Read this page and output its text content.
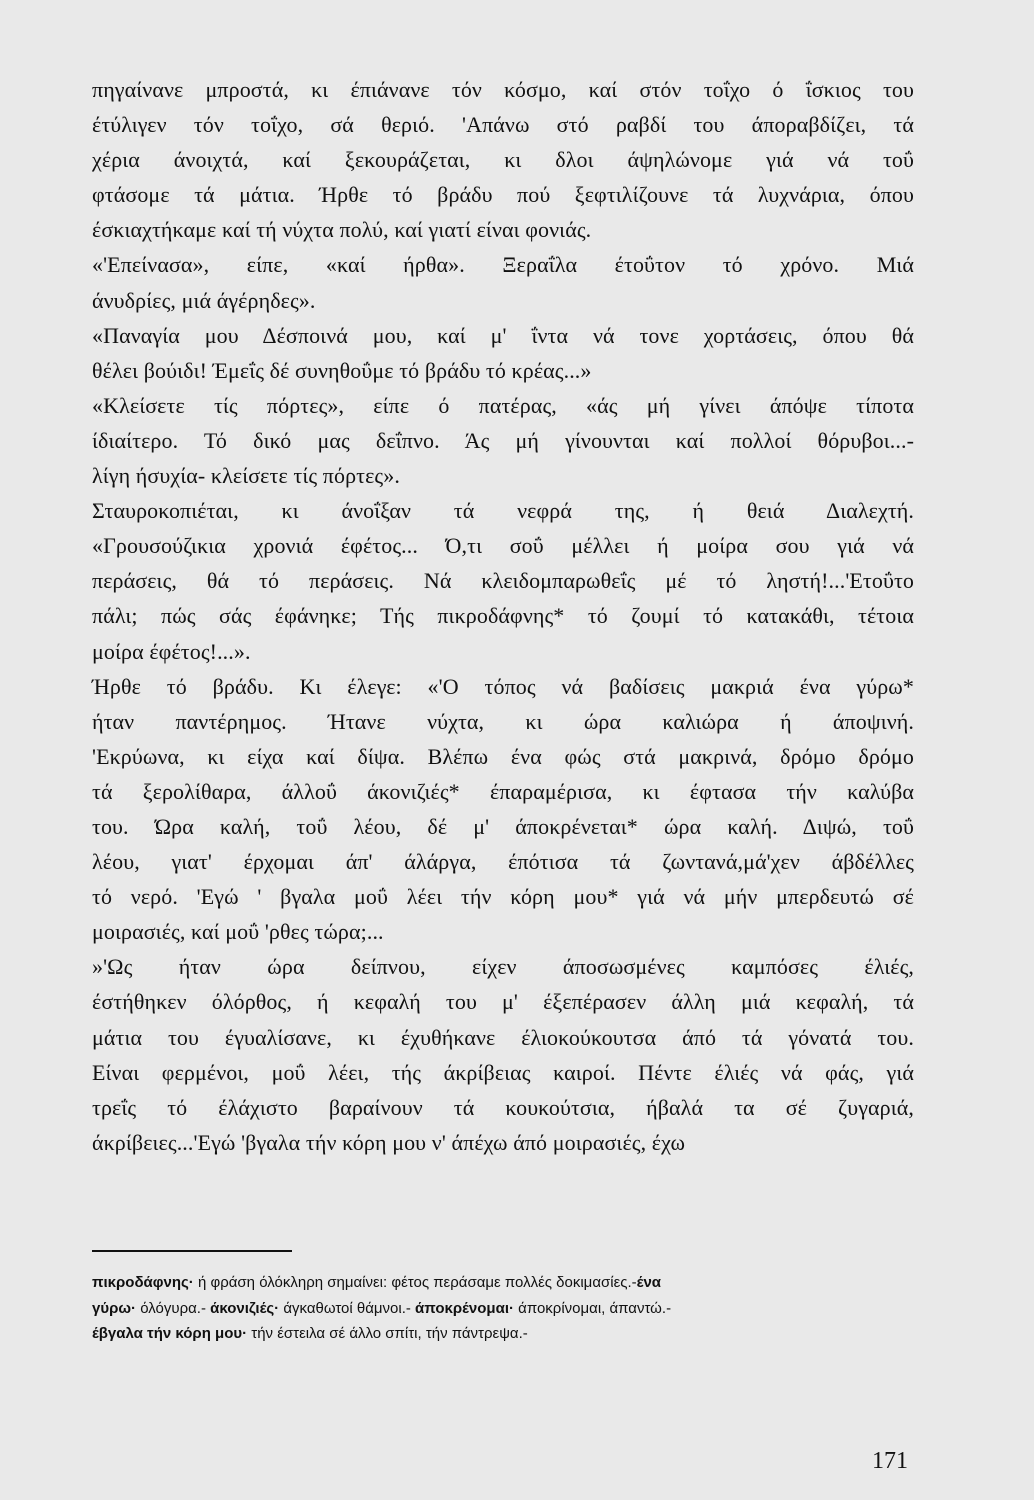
πηγαίνανε μπροστά, κι έπιάνανε τόν κόσμο, καί στόν τοΐχο ό ΐσκιος του
έτύλιγεν τόν τοΐχο, σά θεριό. 'Απάνω στό ραβδί του άποραβδίζει, τά
χέρια άνοιχτά, καί ξεκουράζεται, κι δλοι άψηλώνομε γιά νά τοΰ
φτάσομε τά μάτια. Ήρθε τό βράδυ πού ξεφτιλίζουνε τά λυχνάρια, όπου
έσκιαχτήκαμε καί τή νύχτα πολύ, καί γιατί είναι φονιάς.
«'Επείνασα», είπε, «καί ήρθα». Ξεραΐλα έτοΰτον τό χρόνο. Μιά
άνυδρίες, μιά άγέρηδες».
«Παναγία μου Δέσποινά μου, καί μ' ΐντα νά τονε χορτάσεις, όπου θά
θέλει βούιδι! Έμεΐς δέ συνηθοΰμε τό βράδυ τό κρέας...»
«Κλείσετε τίς πόρτες», είπε ό πατέρας, «άς μή γίνει άπόψε τίποτα
ίδιαίτερο. Τό δικό μας δεΐπνο. Άς μή γίνουνται καί πολλοί θόρυβοι...-
λίγη ήσυχία- κλείσετε τίς πόρτες».
Σταυροκοπιέται, κι άνοΐξαν τά νεφρά της, ή θειά Διαλεχτή.
«Γρουσούζικια χρονιά έφέτος... Ό,τι σοΰ μέλλει ή μοίρα σου γιά νά
περάσεις, θά τό περάσεις. Νά κλειδομπαρωθεΐς μέ τό ληστή!...'Ετοΰτο
πάλι; πώς σάς έφάνηκε; Τής πικροδάφνης* τό ζουμί τό κατακάθι, τέτοια
μοίρα έφέτος!...».
Ήρθε τό βράδυ. Κι έλεγε: «'Ο τόπος νά βαδίσεις μακριά ένα γύρω*
ήταν παντέρημος. Ήτανε νύχτα, κι ώρα καλιώρα ή άποψινή.
'Εκρύωνα, κι είχα καί δίψα. Βλέπω ένα φώς στά μακρινά, δρόμο δρόμο
τά ξερολίθαρα, άλλοΰ άκονιζιές* έπαραμέρισα, κι έφτασα τήν καλύβα
του. Ώρα καλή, τοΰ λέου, δέ μ' άποκρένεται* ώρα καλή. Διψώ, τοΰ
λέου, γιατ' έρχομαι άπ' άλάργα, έπότισα τά ζωντανά,μά'χεν άβδέλλες
τό νερό. 'Εγώ ' βγαλα μοΰ λέει τήν κόρη μου* γιά νά μήν μπερδευτώ σέ
μοιρασιές, καί μοΰ 'ρθες τώρα;...
»'Ως ήταν ώρα δείπνου, είχεν άποσωσμένες καμπόσες έλιές,
έστήθηκεν όλόρθος, ή κεφαλή του μ' έξεπέρασεν άλλη μιά κεφαλή, τά
μάτια του έγυαλίσανε, κι έχυθήκανε έλιοκούκουτσα άπό τά γόνατά του.
Είναι φερμένοι, μοΰ λέει, τής άκρίβειας καιροί. Πέντε έλιές νά φάς, γιά
τρεΐς τό έλάχιστο βαραίνουν τά κουκούτσια, ήβαλά τα σέ ζυγαριά,
άκρίβειες...'Εγώ 'βγαλα τήν κόρη μου ν' άπέχω άπό μοιρασιές, έχω
πικροδάφνης· ή φράση όλόκληρη σημαίνει: φέτος περάσαμε πολλές δοκιμασίες.-ένα
γύρω· όλόγυρα.- άκονιζιές· άγκαθωτοί θάμνοι.- άποκρένομαι· άποκρίνομαι, άπαντώ.-
έβγαλα τήν κόρη μου· τήν έστειλα σέ άλλο σπίτι, τήν πάντρεψα.-
171
